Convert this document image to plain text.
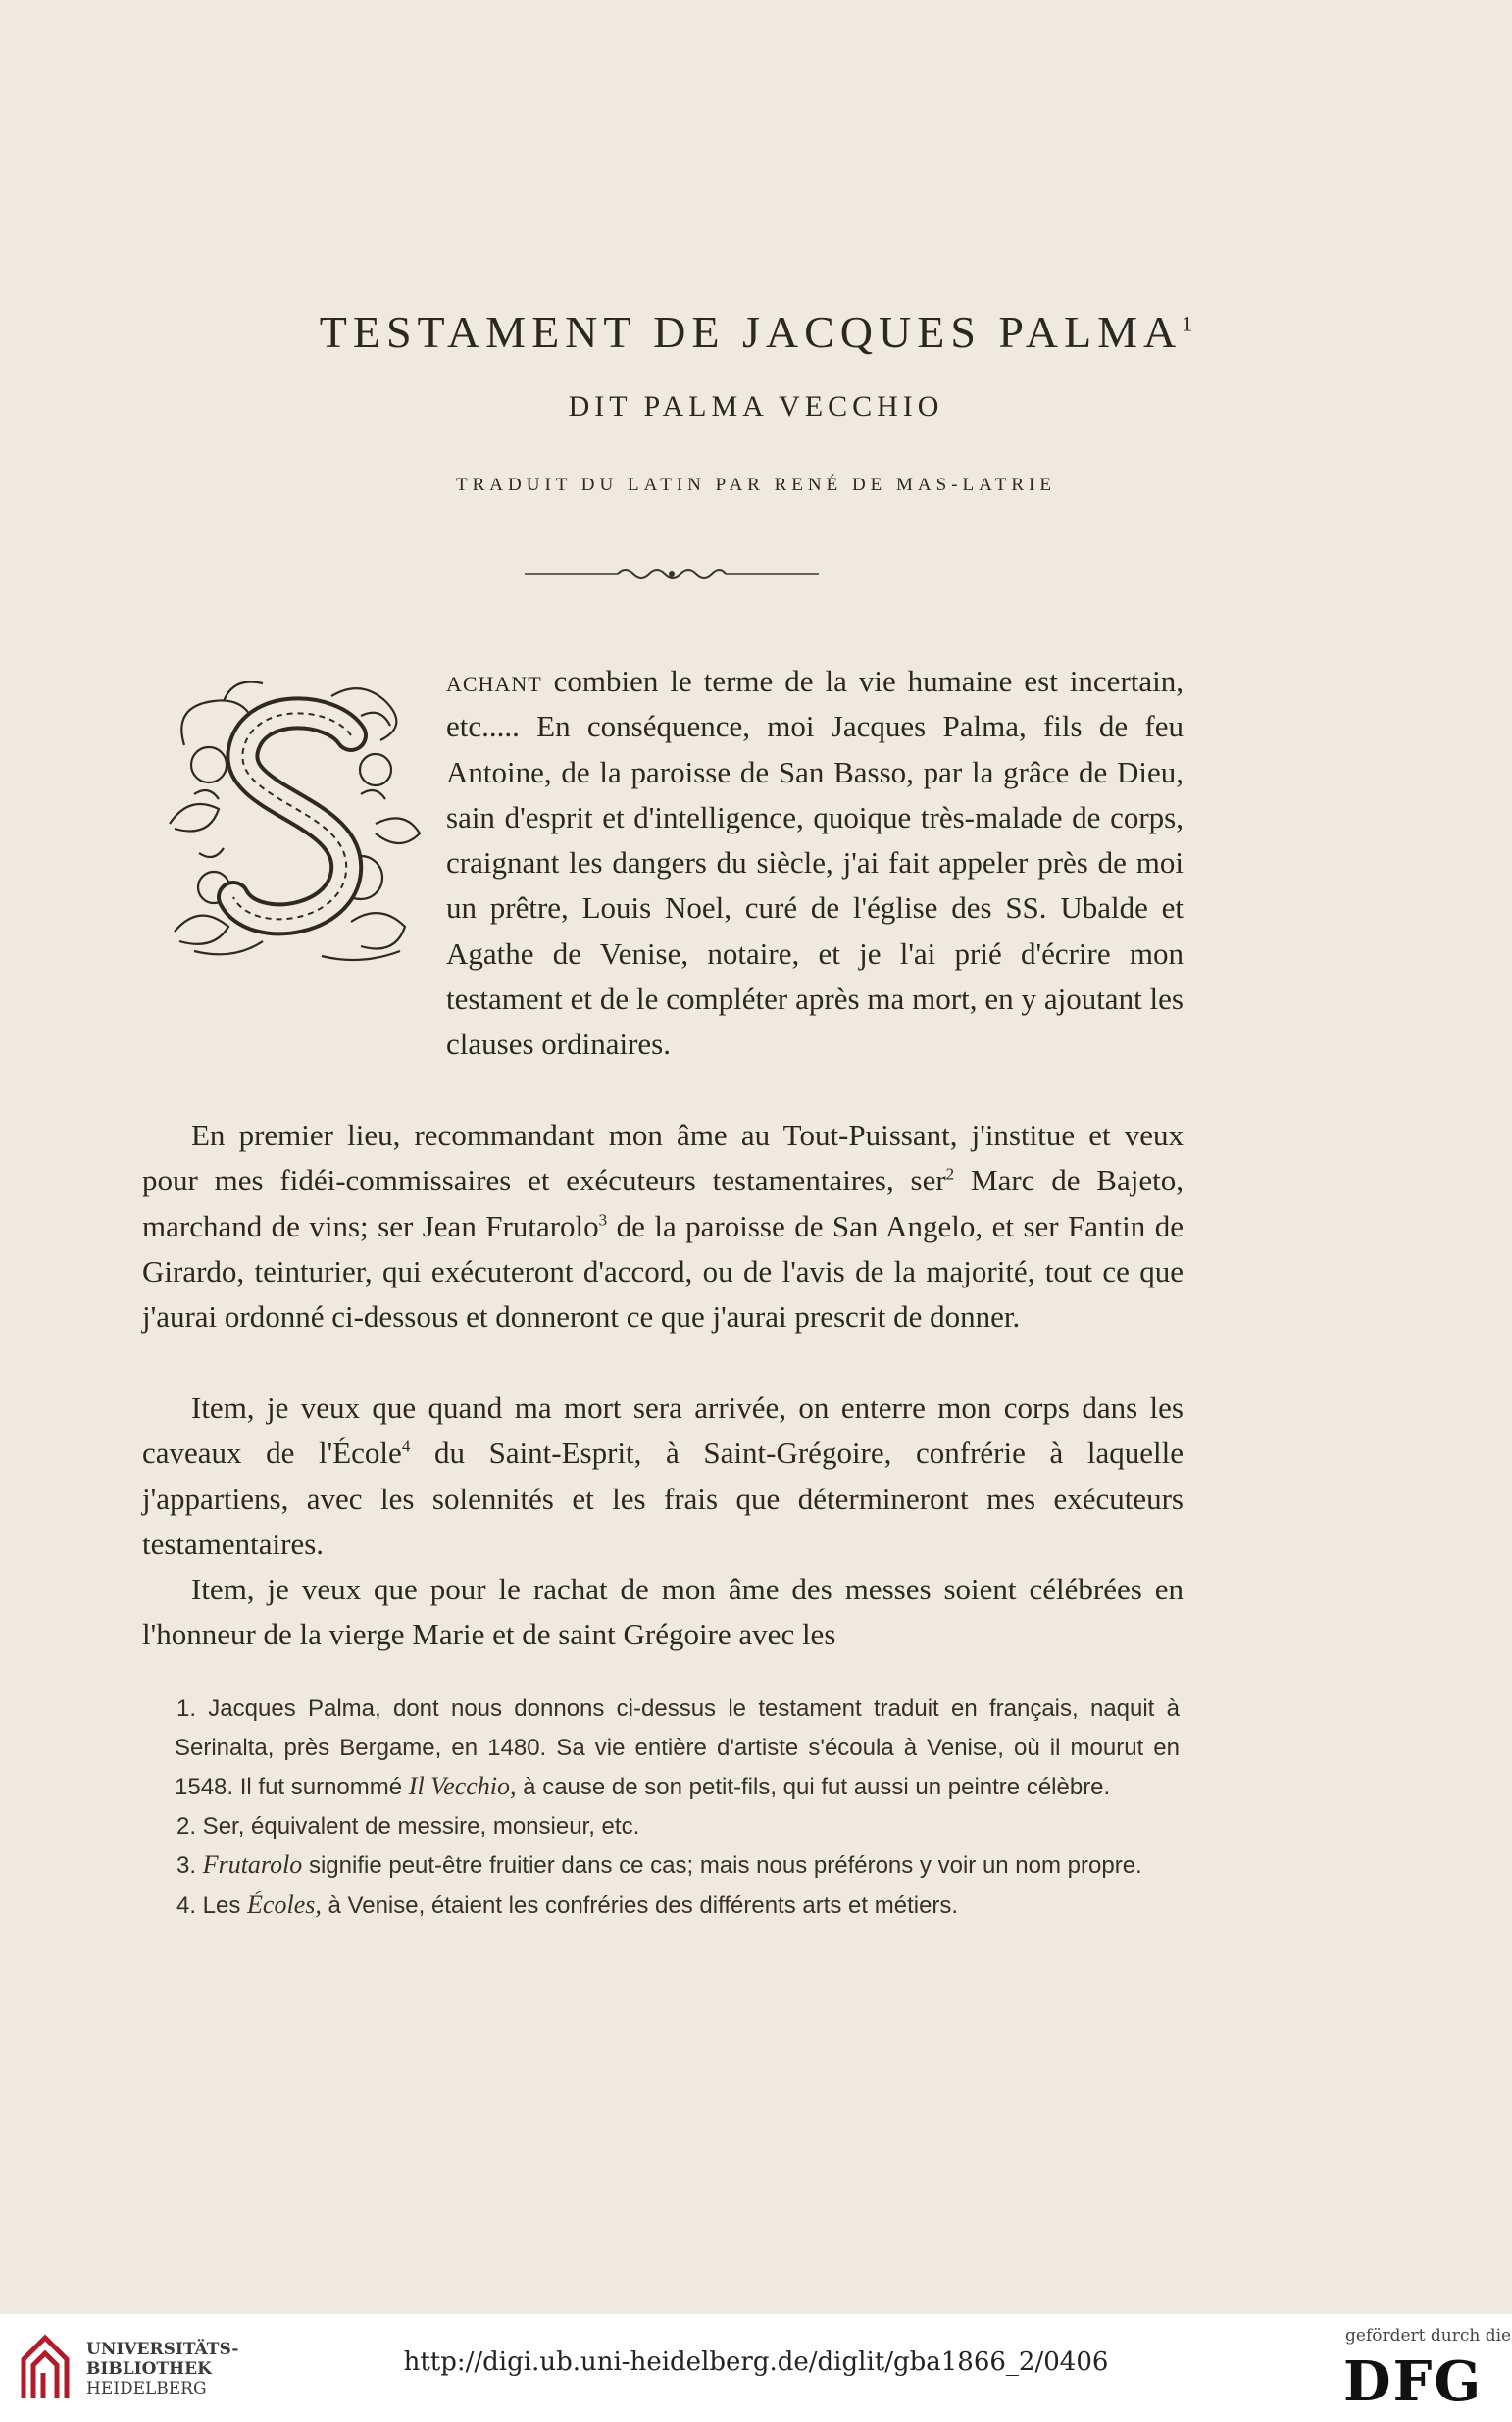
TESTAMENT DE JACQUES PALMA$^1$
DIT PALMA VECCHIO
TRADUIT DU LATIN PAR RENÉ DE MAS-LATRIE

achant combien le terme de la vie humaine est incertain, etc..... En conséquence, moi Jacques Palma, fils de feu Antoine, de la paroisse de San Basso, par la grâce de Dieu, sain d'esprit et d'intelligence, quoique très-malade de corps, craignant les dangers du siècle, j'ai fait appeler près de moi un prêtre, Louis Noel, curé de l'église des SS. Ubalde et Agathe de Venise, notaire, et je l'ai prié d'écrire mon testament et de le compléter après ma mort, en y ajoutant les clauses ordinaires.

En premier lieu, recommandant mon âme au Tout-Puissant, j'institue et veux pour mes fidéi-commissaires et exécuteurs testamentaires, ser$^2$ Marc de Bajeto, marchand de vins; ser Jean Frutarolo$^3$ de la paroisse de San Angelo, et ser Fantin de Girardo, teinturier, qui exécuteront d'accord, ou de l'avis de la majorité, tout ce que j'aurai ordonné ci-dessous et donneront ce que j'aurai prescrit de donner.

Item, je veux que quand ma mort sera arrivée, on enterre mon corps dans les caveaux de l'École$^4$ du Saint-Esprit, à Saint-Grégoire, confrérie à laquelle j'appartiens, avec les solennités et les frais que détermineront mes exécuteurs testamentaires.

Item, je veux que pour le rachat de mon âme des messes soient célébrées en l'honneur de la vierge Marie et de saint Grégoire avec les

1. Jacques Palma, dont nous donnons ci-dessus le testament traduit en français, naquit à Serinalta, près Bergame, en 1480. Sa vie entière d'artiste s'écoula à Venise, où il mourut en 1548. Il fut surnommé Il Vecchio, à cause de son petit-fils, qui fut aussi un peintre célèbre.

2. Ser, équivalent de messire, monsieur, etc.

3. Frutarolo signifie peut-être fruitier dans ce cas; mais nous préférons y voir un nom propre.

4. Les Écoles, à Venise, étaient les confréries des différents arts et métiers.

UNIVERSITÄTS-
BIBLIOTHEK
HEIDELBERG
http://digi.ub.uni-heidelberg.de/diglit/gba1866_2/0406
gefördert durch die
DFG
